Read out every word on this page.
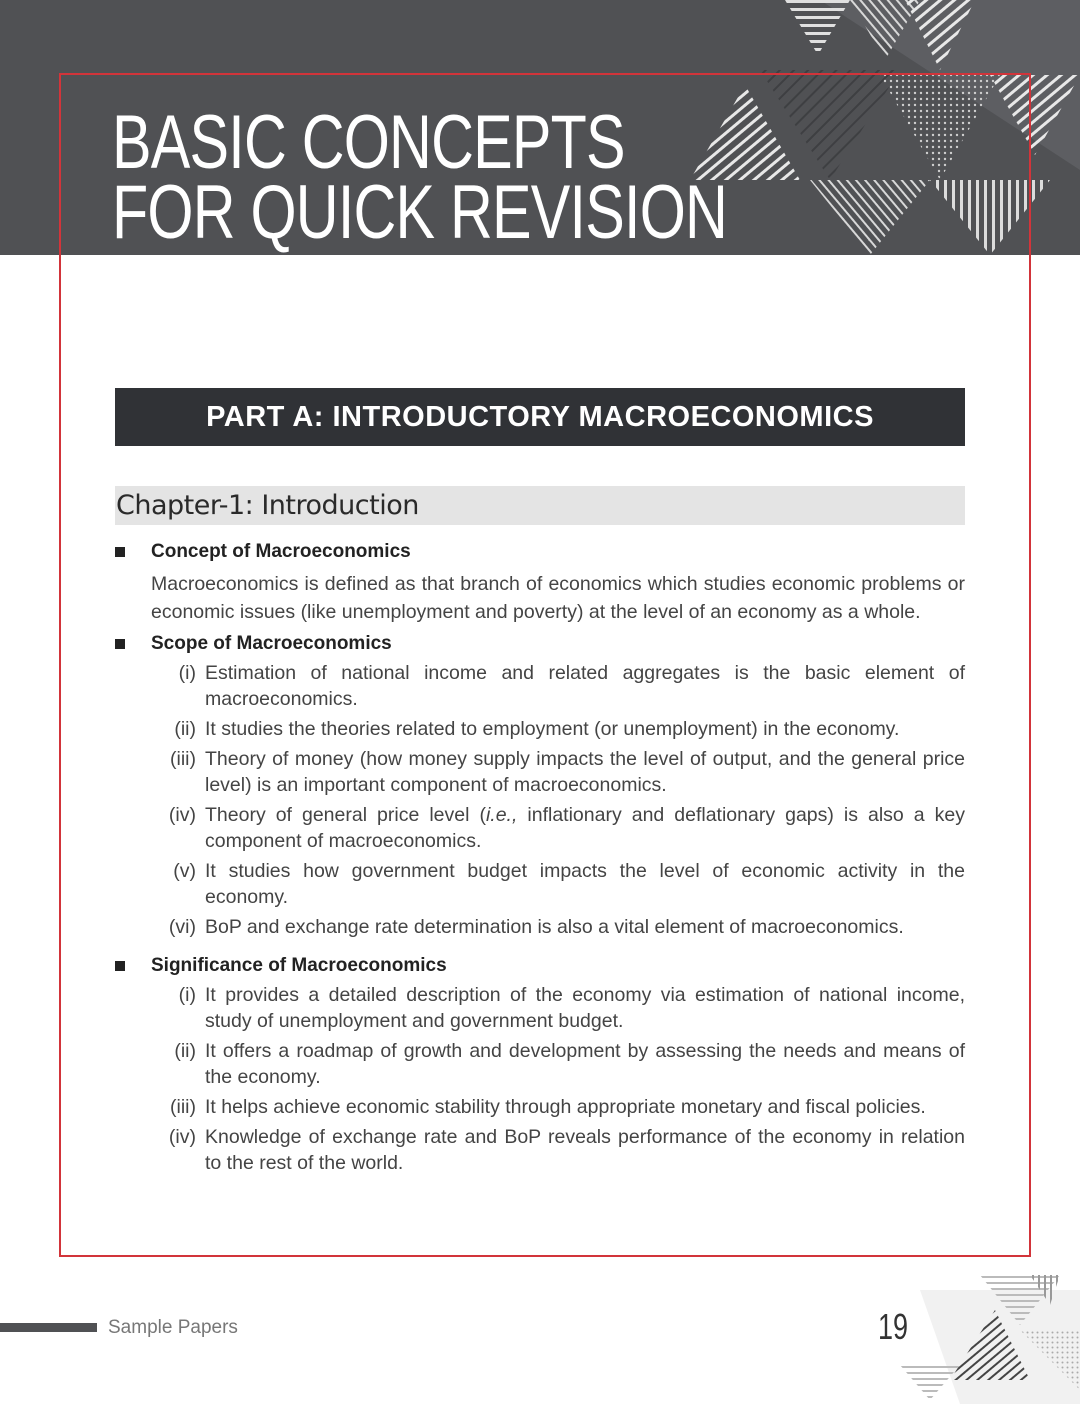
BASIC CONCEPTS
FOR QUICK REVISION
PART A: INTRODUCTORY MACROECONOMICS
Chapter-1: Introduction
Concept of Macroeconomics

Macroeconomics is defined as that branch of economics which studies economic problems or economic issues (like unemployment and poverty) at the level of an economy as a whole.

Scope of Macroeconomics
(i) Estimation of national income and related aggregates is the basic element of macroeconomics.
(ii) It studies the theories related to employment (or unemployment) in the economy.
(iii) Theory of money (how money supply impacts the level of output, and the general price level) is an important component of macroeconomics.
(iv) Theory of general price level (i.e., inflationary and deflationary gaps) is also a key component of macroeconomics.
(v) It studies how government budget impacts the level of economic activity in the economy.
(vi) BoP and exchange rate determination is also a vital element of macroeconomics.
Significance of Macroeconomics
(i) It provides a detailed description of the economy via estimation of national income, study of unemployment and government budget.
(ii) It offers a roadmap of growth and development by assessing the needs and means of the economy.
(iii) It helps achieve economic stability through appropriate monetary and fiscal policies.
(iv) Knowledge of exchange rate and BoP reveals performance of the economy in relation to the rest of the world.
Sample Papers	19
